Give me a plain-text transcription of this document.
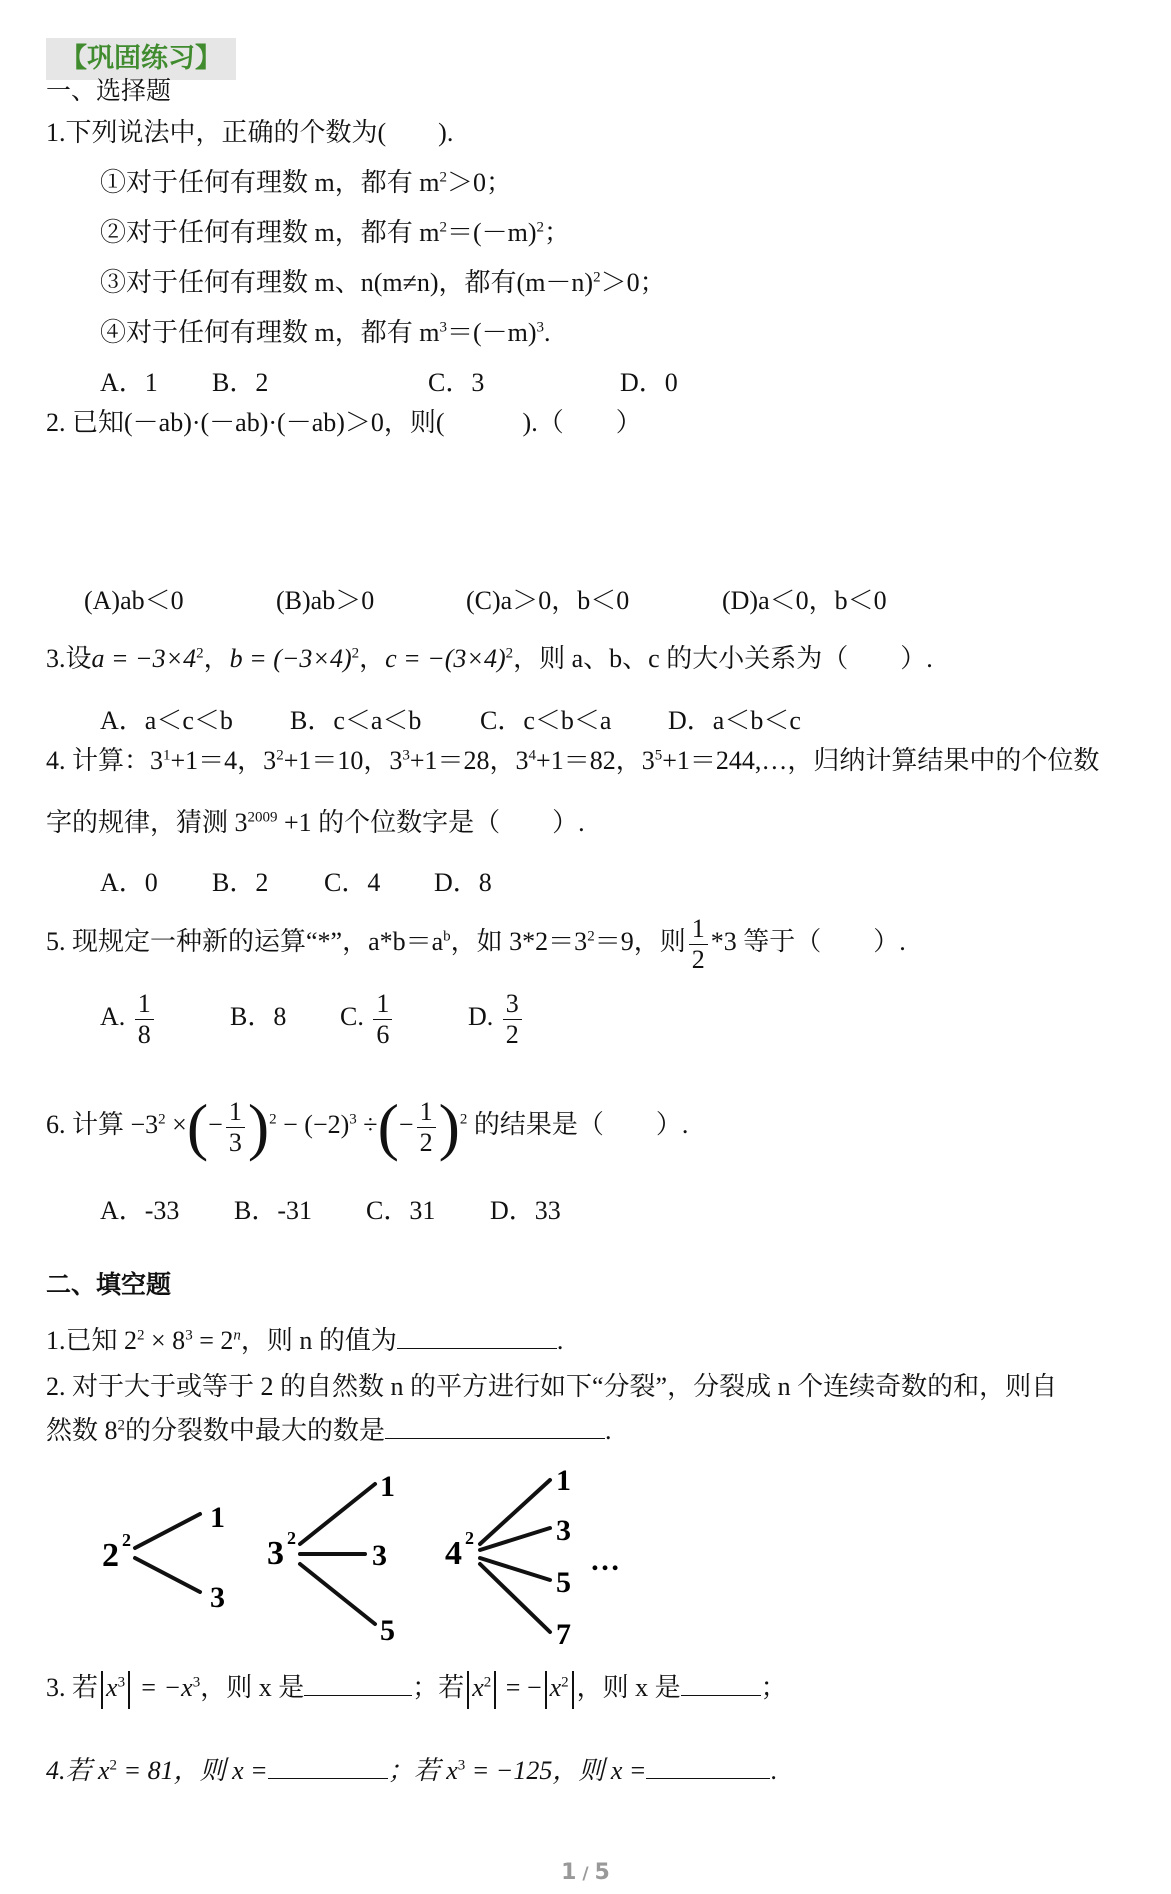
【巩固练习】
一、选择题
1.下列说法中，正确的个数为(　　).
①对于任何有理数 m，都有 $m^2>0$；
②对于任何有理数 m，都有 $m^2=(-m)^2$；
③对于任何有理数 m、n(m≠n)，都有$(m-n)^2>0$；
④对于任何有理数 m，都有 $m^3=(-m)^3$.
A．1 B．2	C．3	D．0
2. 已知(－ab)·(－ab)·(－ab)＞0，则(　　　).（　　）
(A)ab＜0	(B)ab＞0	(C)a＞0，b＜0	(D)a＜0，b＜0
3.设$a = -3\times 4^2$，$b = (-3\times 4)^2$，$c = -(3\times 4)^2$，则 a、b、c 的大小关系为（　　）.
A．a＜c＜b B．c＜a＜b C．c＜b＜a D．a＜b＜c
4. 计算：$3^1+1=4$，$3^2+1=10$，$3^3+1=28$，$3^4+1=82$，$3^5+1=244,\dots$，归纳计算结果中的个位数
字的规律，猜测 $3^{2009} +1$ 的个位数字是（　　）.
A．0 B．2 C．4 D．8
5. 现规定一种新的运算“*”，$a*b=a^b$，如 $3*2=3^2=9$，则 $\frac{1}{2} *3$ 等于（　　）.
A. $\frac{1}{8}$	B．8 C. $\frac{1}{6}$	D. $\frac{3}{2}$
6. 计算 $-3^2$ ×(− $\frac{1}{3} )^2 - (-2)^3$ ÷(− $\frac{1}{2} )^2$ 的结果是（　　）.
A．-33 B．-31 C．31 D．33
二、填空题
1.已知 $2^2 \times 8^3 = 2^n$，则 n 的值为	.
2. 对于大于或等于 2 的自然数 n 的平方进行如下“分裂”，分裂成 n 个连续奇数的和，则自
然数 $8^2$的分裂数中最大的数是	.
2 2
1
3
3 2
1
3
5
4 2
1
3
5
7
…
3. 若 $x^3 = -x^3$，则 x 是	；若 $x^2$ = − $x^2$ ，则 x 是	；
4.若 $x^2 = 81$，则 x =	；若 $x^3 = -125$，则 x =	.
1 / 5
